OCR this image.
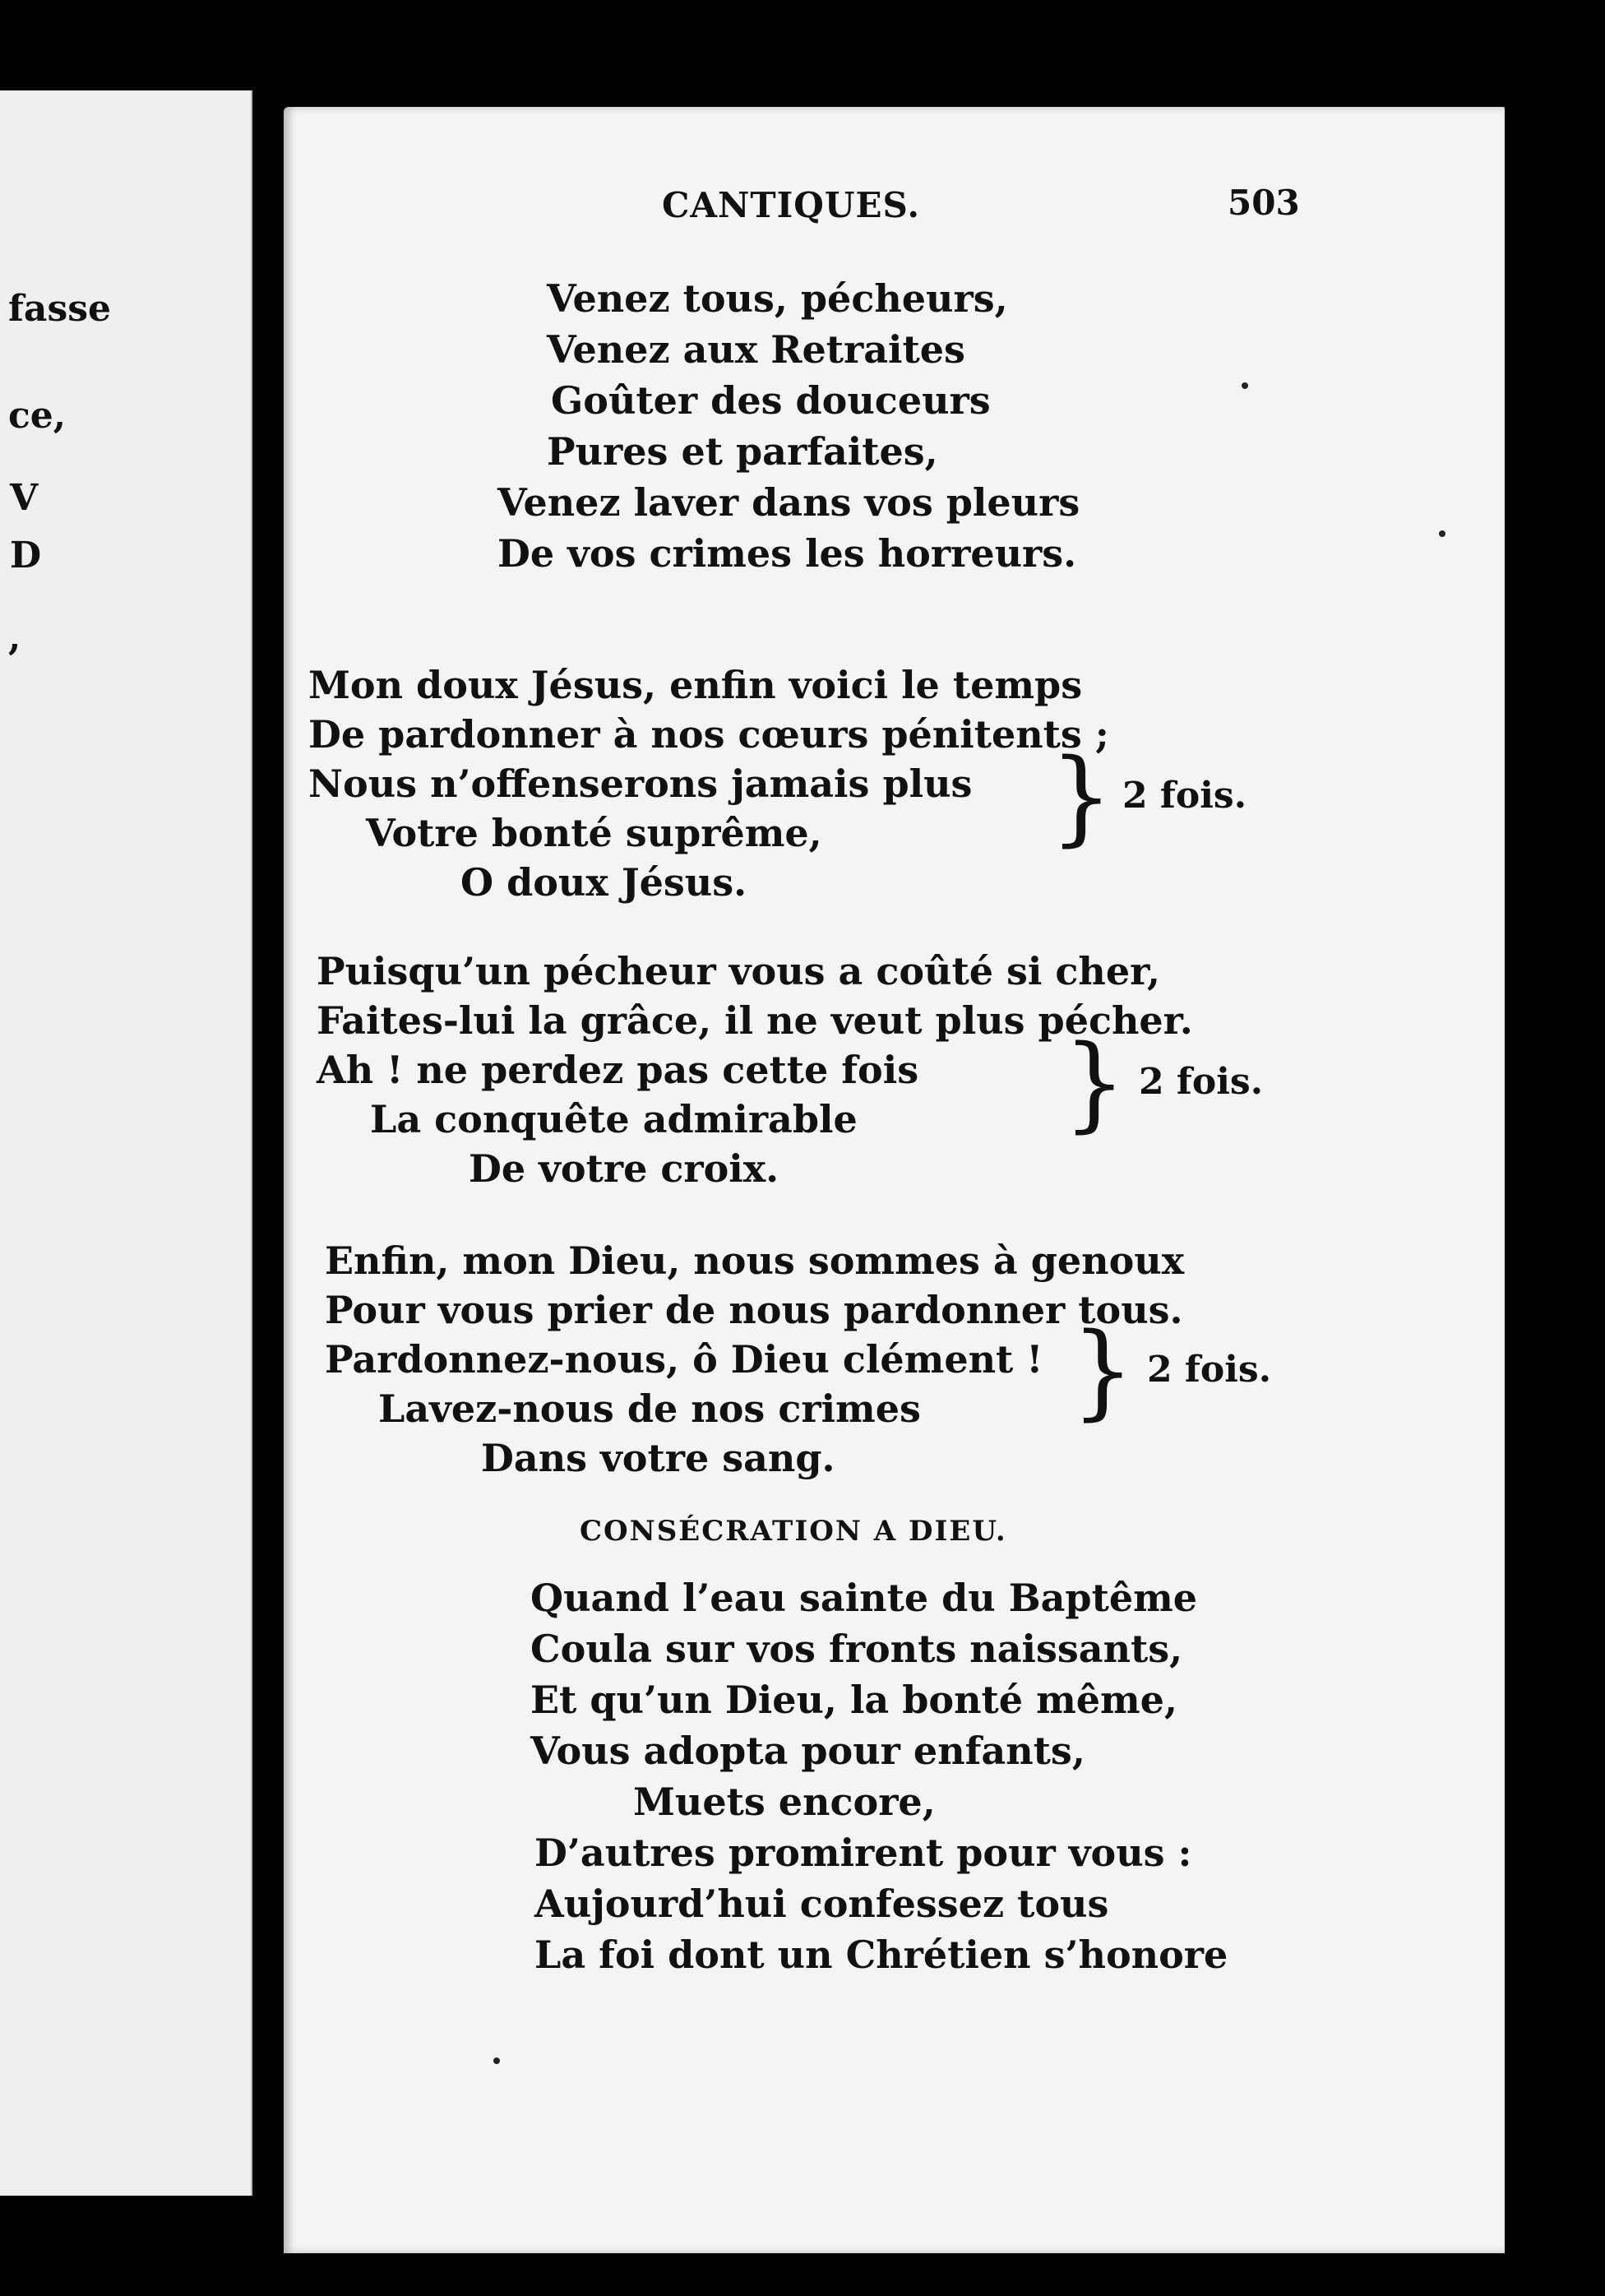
fasse
ce,
V
D
,
CANTIQUES.	503
Venez tous, pécheurs,
Venez aux Retraites
Goûter des douceurs
Pures et parfaites,
Venez laver dans vos pleurs
De vos crimes les horreurs.
Mon doux Jésus, enfin voici le temps
De pardonner à nos cœurs pénitents ;
Nous n’offenserons jamais plus
Votre bonté suprême,
O doux Jésus.
} 2 fois.
Puisqu’un pécheur vous a coûté si cher,
Faites-lui la grâce, il ne veut plus pécher.
Ah ! ne perdez pas cette fois
La conquête admirable
De votre croix.
} 2 fois.
Enfin, mon Dieu, nous sommes à genoux
Pour vous prier de nous pardonner tous.
Pardonnez-nous, ô Dieu clément !
Lavez-nous de nos crimes
Dans votre sang.
} 2 fois.
CONSÉCRATION A DIEU.
Quand l’eau sainte du Baptême
Coula sur vos fronts naissants,
Et qu’un Dieu, la bonté même,
Vous adopta pour enfants,
Muets encore,
D’autres promirent pour vous :
Aujourd’hui confessez tous
La foi dont un Chrétien s’honore
